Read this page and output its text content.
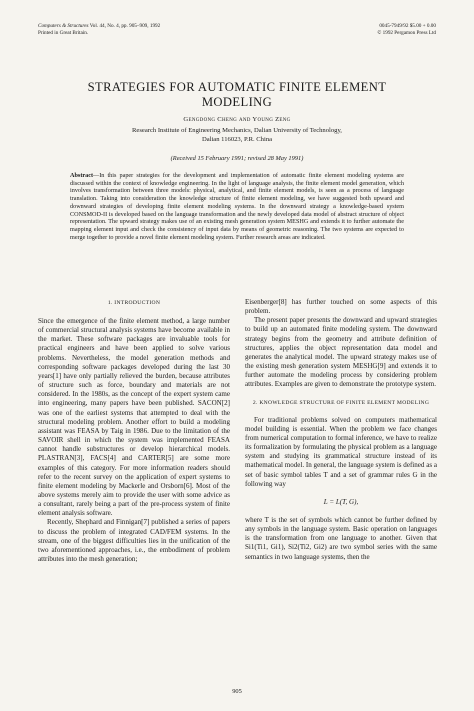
Computers & Structures Vol. 44, No. 4, pp. 905–909, 1992
Printed in Great Britain.
0045-7949/92 $5.00 + 0.00
© 1992 Pergamon Press Ltd
STRATEGIES FOR AUTOMATIC FINITE ELEMENT
MODELING
Gengdong Cheng and Young Zeng
Research Institute of Engineering Mechanics, Dalian University of Technology,
Dalian 116023, P.R. China
(Received 15 February 1991; revised 28 May 1991)
Abstract—In this paper strategies for the development and implementation of automatic finite element modeling systems are discussed within the context of knowledge engineering. In the light of language analysis, the finite element model generation, which involves transformation between three models: physical, analytical, and finite element models, is seen as a process of language translation. Taking into consideration the knowledge structure of finite element modeling, we have suggested both upward and downward strategies of developing finite element modeling systems. In the downward strategy a knowledge-based system CONSMOD-II is developed based on the language transformation and the newly developed data model of abstract structure of object representation. The upward strategy makes use of an existing mesh generation system MESHG and extends it to further automate the mapping element input and check the consistency of input data by means of geometric reasoning. The two systems are expected to merge together to provide a novel finite element modeling system. Further research areas are indicated.
1. INTRODUCTION

Since the emergence of the finite element method, a large number of commercial structural analysis systems have become available in the market. These software packages are invaluable tools for practical engineers and have been applied to solve various problems. Nevertheless, the model generation methods and corresponding software packages developed during the last 30 years[1] have only partially relieved the burden, because attributes of structure such as force, boundary and materials are not considered. In the 1980s, as the concept of the expert system came into engineering, many papers have been published. SACON[2] was one of the earliest systems that attempted to deal with the structural modeling problem. Another effort to build a modeling assistant was FEASA by Taig in 1986. Due to the limitation of the SAVOIR shell in which the system was implemented FEASA cannot handle substructures or develop hierarchical models. PLASTRAN[3], FACS[4] and CARTER[5] are some more examples of this category. For more information readers should refer to the recent survey on the application of expert systems to finite element modeling by Mackerle and Orsborn[6]. Most of the above systems merely aim to provide the user with some advice as a consultant, rarely being a part of the pre-process system of finite element analysis software.

Recently, Shephard and Finnigan[7] published a series of papers to discuss the problem of integrated CAD/FEM systems. In the stream, one of the biggest difficulties lies in the unification of the two aforementioned approaches, i.e., the embodiment of problem attributes into the mesh generation;

Eisenberger[8] has further touched on some aspects of this problem.

The present paper presents the downward and upward strategies to build up an automated finite modeling system. The downward strategy begins from the geometry and attribute definition of structures, applies the object representation data model and generates the analytical model. The upward strategy makes use of the existing mesh generation system MESHG[9] and extends it to further automate the modeling process by considering problem attributes. Examples are given to demonstrate the prototype system.

2. KNOWLEDGE STRUCTURE OF FINITE ELEMENT MODELING

For traditional problems solved on computers mathematical model building is essential. When the problem we face changes from numerical computation to formal inference, we have to realize its formalization by formulating the physical problem as a language system and studying its grammatical structure instead of its mathematical model. In general, the language system is defined as a set of basic symbol tables T and a set of grammar rules G in the following way

L = L(T, G),

where T is the set of symbols which cannot be further defined by any symbols in the language system. Basic operation on languages is the transformation from one language to another. Given that Si1(Ti1, Gi1), Si2(Ti2, Gi2) are two symbol series with the same semantics in two language systems, then the

905
